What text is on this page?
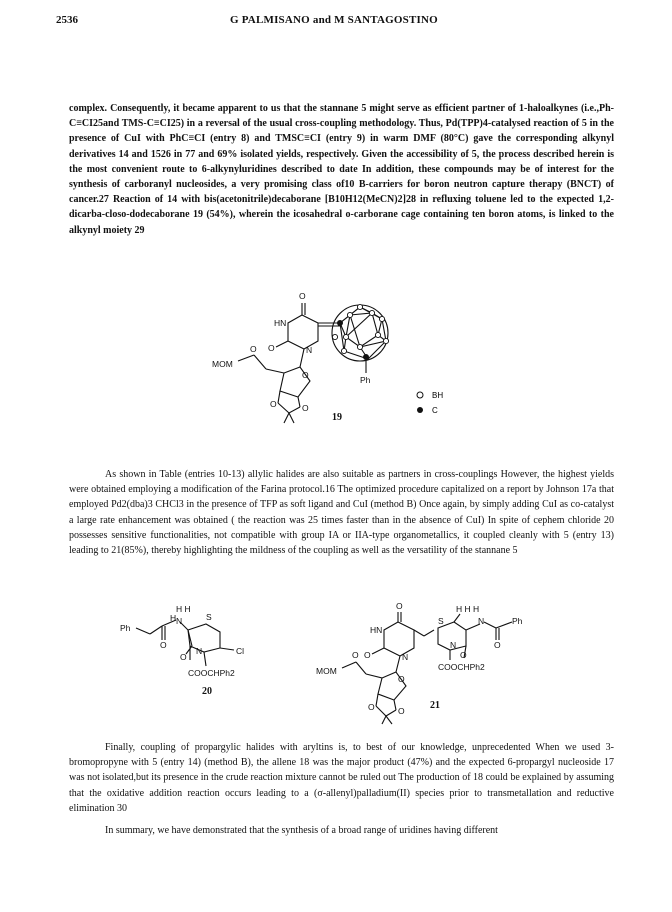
2536	G PALMISANO and M SANTAGOSTINO

complex. Consequently, it became apparent to us that the stannane 5 might serve as efficient partner of 1-haloalkynes (i.e.,Ph-C≡CI25and TMS-C≡CI25) in a reversal of the usual cross-coupling methodology. Thus, Pd(TPP)4-catalysed reaction of 5 in the presence of CuI with PhC≡CI (entry 8) and TMSC≡CI (entry 9) in warm DMF (80°C) gave the corresponding alkynyl derivatives 14 and 1526 in 77 and 69% isolated yields, respectively. Given the accessibility of 5, the process described herein is the most convenient route to 6-alkynyluridines described to date In addition, these compounds may be of interest for the synthesis of carboranyl nucleosides, a very promising class of10 B-carriers for boron neutron capture therapy (BNCT) of cancer.27 Reaction of 14 with bis(acetonitrile)decaborane [B10H12(MeCN)2]28 in refluxing toluene led to the expected 1,2-dicarba-closo-dodecaborane 19 (54%), wherein the icosahedral o-carborane cage containing ten boron atoms, is linked to the alkynyl moiety 29

O
HN
O	N
MOM
O
O
O	O
Ph
19
BH
C

As shown in Table (entries 10-13) allylic halides are also suitable as partners in cross-couplings However, the highest yields were obtained employing a modification of the Farina protocol.16 The optimized procedure capitalized on a report by Johnson 17a that employed Pd2(dba)3 CHCl3 in the presence of TFP as soft ligand and CuI (method B) Once again, by simply adding CuI as co-catalyst a large rate enhancement was obtained ( the reaction was 25 times faster than in the absence of CuI) In spite of cephem chloride 20 possesses sensitive functionalities, not compatible with group IA or IIA-type organometallics, it coupled cleanly with 5 (entry 13) leading to 21(85%), thereby highlighting the mildness of the coupling as well as the versatility of the stannane 5

H H
H N	S
Ph
O
O
N	Cl
COOCHPh2
20
O
HN
O	N
S
H H H
N	Ph
O
N
O
COOCHPh2
MOM
O
O
O	O	21

Finally, coupling of propargylic halides with aryltins is, to best of our knowledge, unprecedented When we used 3-bromopropyne with 5 (entry 14) (method B), the allene 18 was the major product (47%) and the expected 6-propargyl nucleoside 17 was not isolated,but its presence in the crude reaction mixture cannot be ruled out The production of 18 could be explained by assuming that the oxidative addition reaction occurs leading to a (σ-allenyl)palladium(II) species prior to transmetallation and reductive elimination 30

In summary, we have demonstrated that the synthesis of a broad range of uridines having different
